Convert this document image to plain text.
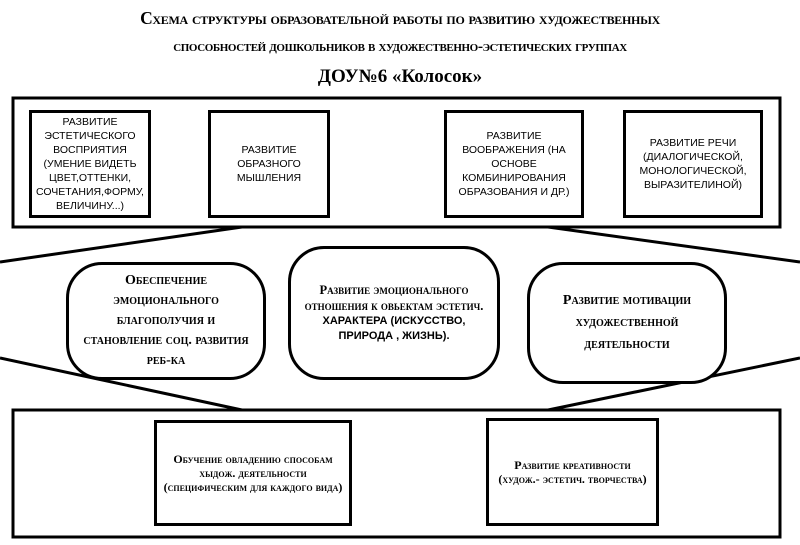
Схема структуры образовательной работы по развитию художественных
способностей дошкольников в художественно-эстетических группах
ДОУ№6 «Колосок»
РАЗВИТИЕ ЭСТЕТИЧЕСКОГО ВОСПРИЯТИЯ (УМЕНИЕ ВИДЕТЬ ЦВЕТ,ОТТЕНКИ, СОЧЕТАНИЯ,ФОРМУ, ВЕЛИЧИНУ...)
РАЗВИТИЕ ОБРАЗНОГО МЫШЛЕНИЯ
РАЗВИТИЕ ВООБРАЖЕНИЯ (НА ОСНОВЕ КОМБИНИРОВАНИЯ ОБРАЗОВАНИЯ И ДР.)
РАЗВИТИЕ РЕЧИ (ДИАЛОГИЧЕСКОЙ, МОНОЛОГИЧЕСКОЙ, ВЫРАЗИТЕЛИНОЙ)
Обеспечение эмоционального благополучия и становление соц. развития реб-ка
Развитие эмоционального отношения к овьектам эстетич.
ХАРАКТЕРА (ИСКУССТВО, ПРИРОДА , ЖИЗНЬ).
Развитие мотивации художественной деятельности
Обучение овладению способам хыдож. деятельности (специфическим для каждого вида)
Развитие креативности (худож.- эстетич. творчества)
